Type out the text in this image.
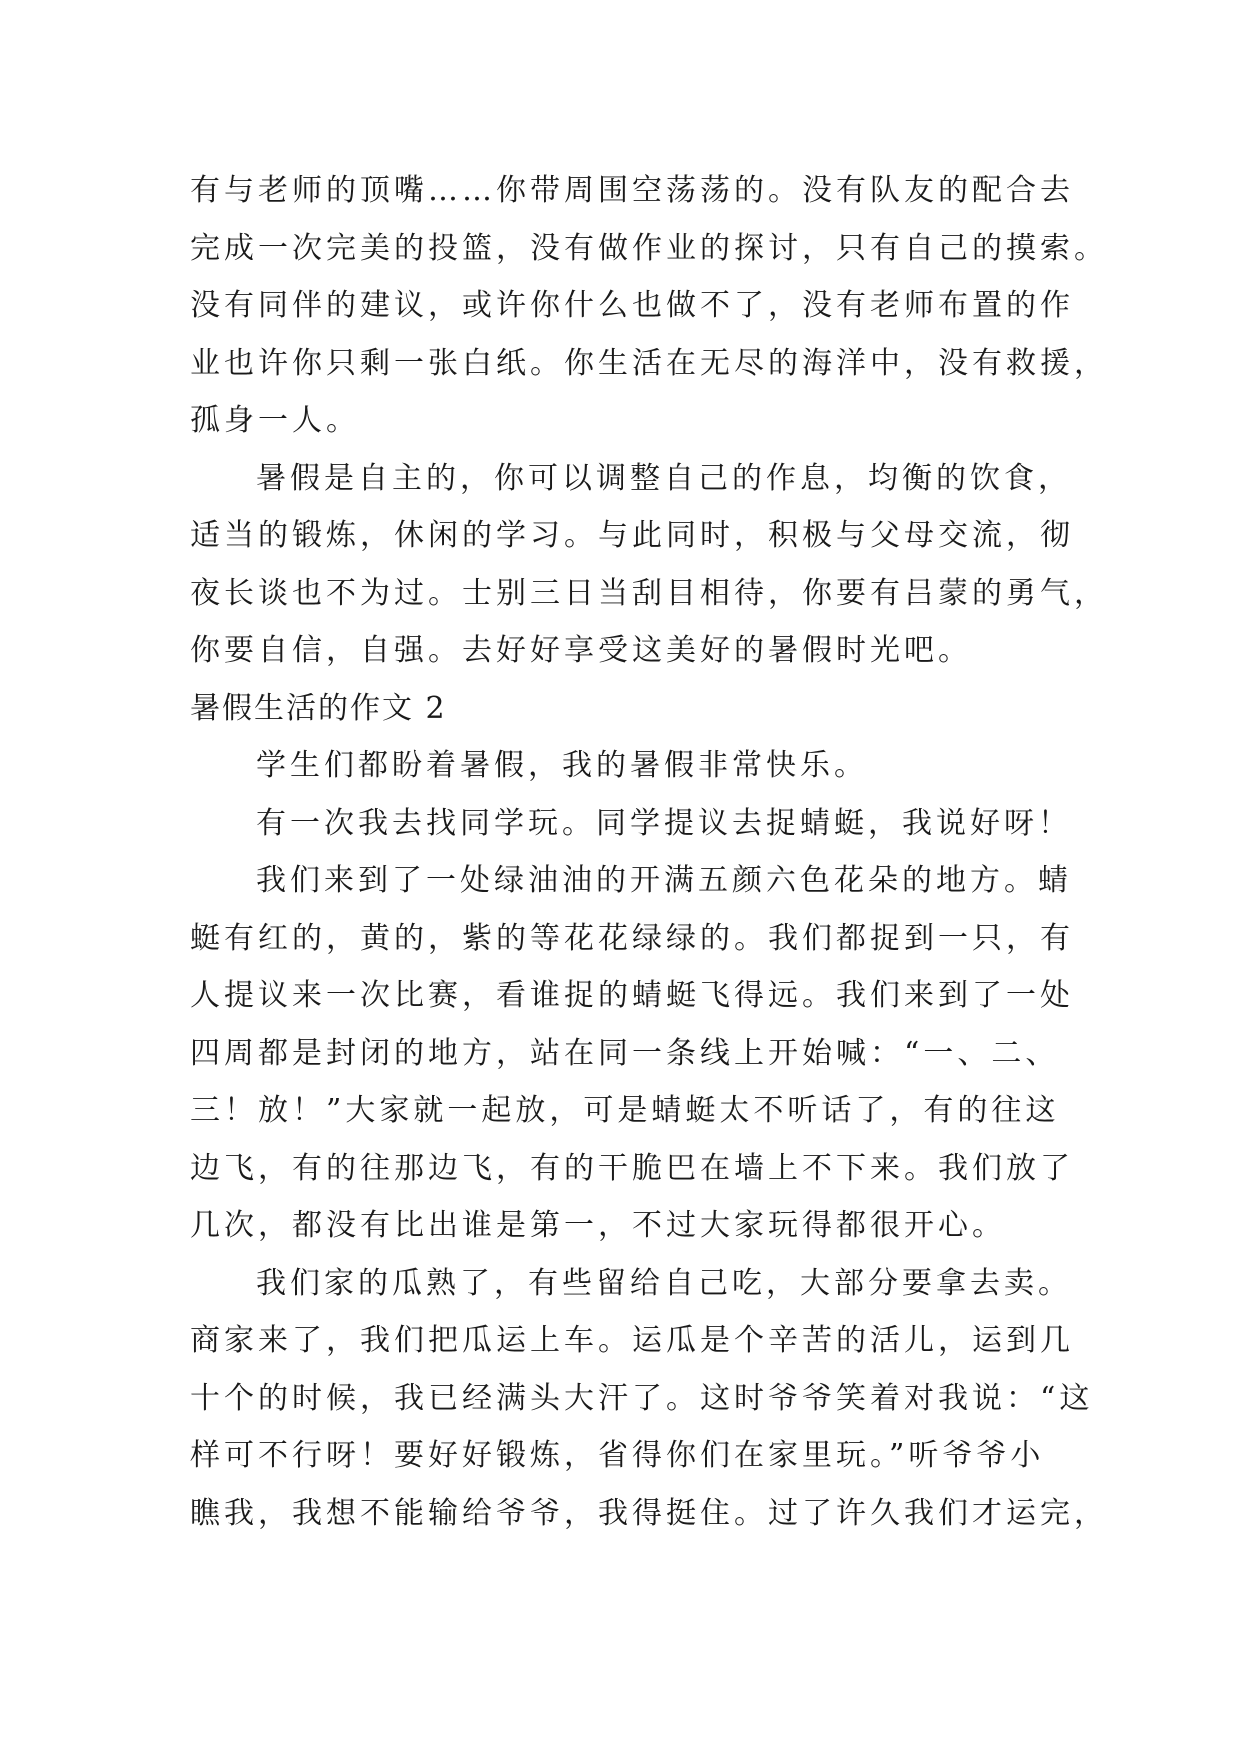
有与老师的顶嘴……你带周围空荡荡的。没有队友的配合去
完成一次完美的投篮，没有做作业的探讨，只有自己的摸索。
没有同伴的建议，或许你什么也做不了，没有老师布置的作
业也许你只剩一张白纸。你生活在无尽的海洋中，没有救援，
孤身一人。
暑假是自主的，你可以调整自己的作息，均衡的饮食，
适当的锻炼，休闲的学习。与此同时，积极与父母交流，彻
夜长谈也不为过。士别三日当刮目相待，你要有吕蒙的勇气，
你要自信，自强。去好好享受这美好的暑假时光吧。
暑假生活的作文 2
学生们都盼着暑假，我的暑假非常快乐。
有一次我去找同学玩。同学提议去捉蜻蜓，我说好呀！
我们来到了一处绿油油的开满五颜六色花朵的地方。蜻
蜓有红的，黄的，紫的等花花绿绿的。我们都捉到一只，有
人提议来一次比赛，看谁捉的蜻蜓飞得远。我们来到了一处
四周都是封闭的地方，站在同一条线上开始喊：“一、二、
三！放！”大家就一起放，可是蜻蜓太不听话了，有的往这
边飞，有的往那边飞，有的干脆巴在墙上不下来。我们放了
几次，都没有比出谁是第一，不过大家玩得都很开心。
我们家的瓜熟了，有些留给自己吃，大部分要拿去卖。
商家来了，我们把瓜运上车。运瓜是个辛苦的活儿，运到几
十个的时候，我已经满头大汗了。这时爷爷笑着对我说：“这
样可不行呀！要好好锻炼，省得你们在家里玩。”听爷爷小
瞧我，我想不能输给爷爷，我得挺住。过了许久我们才运完，
